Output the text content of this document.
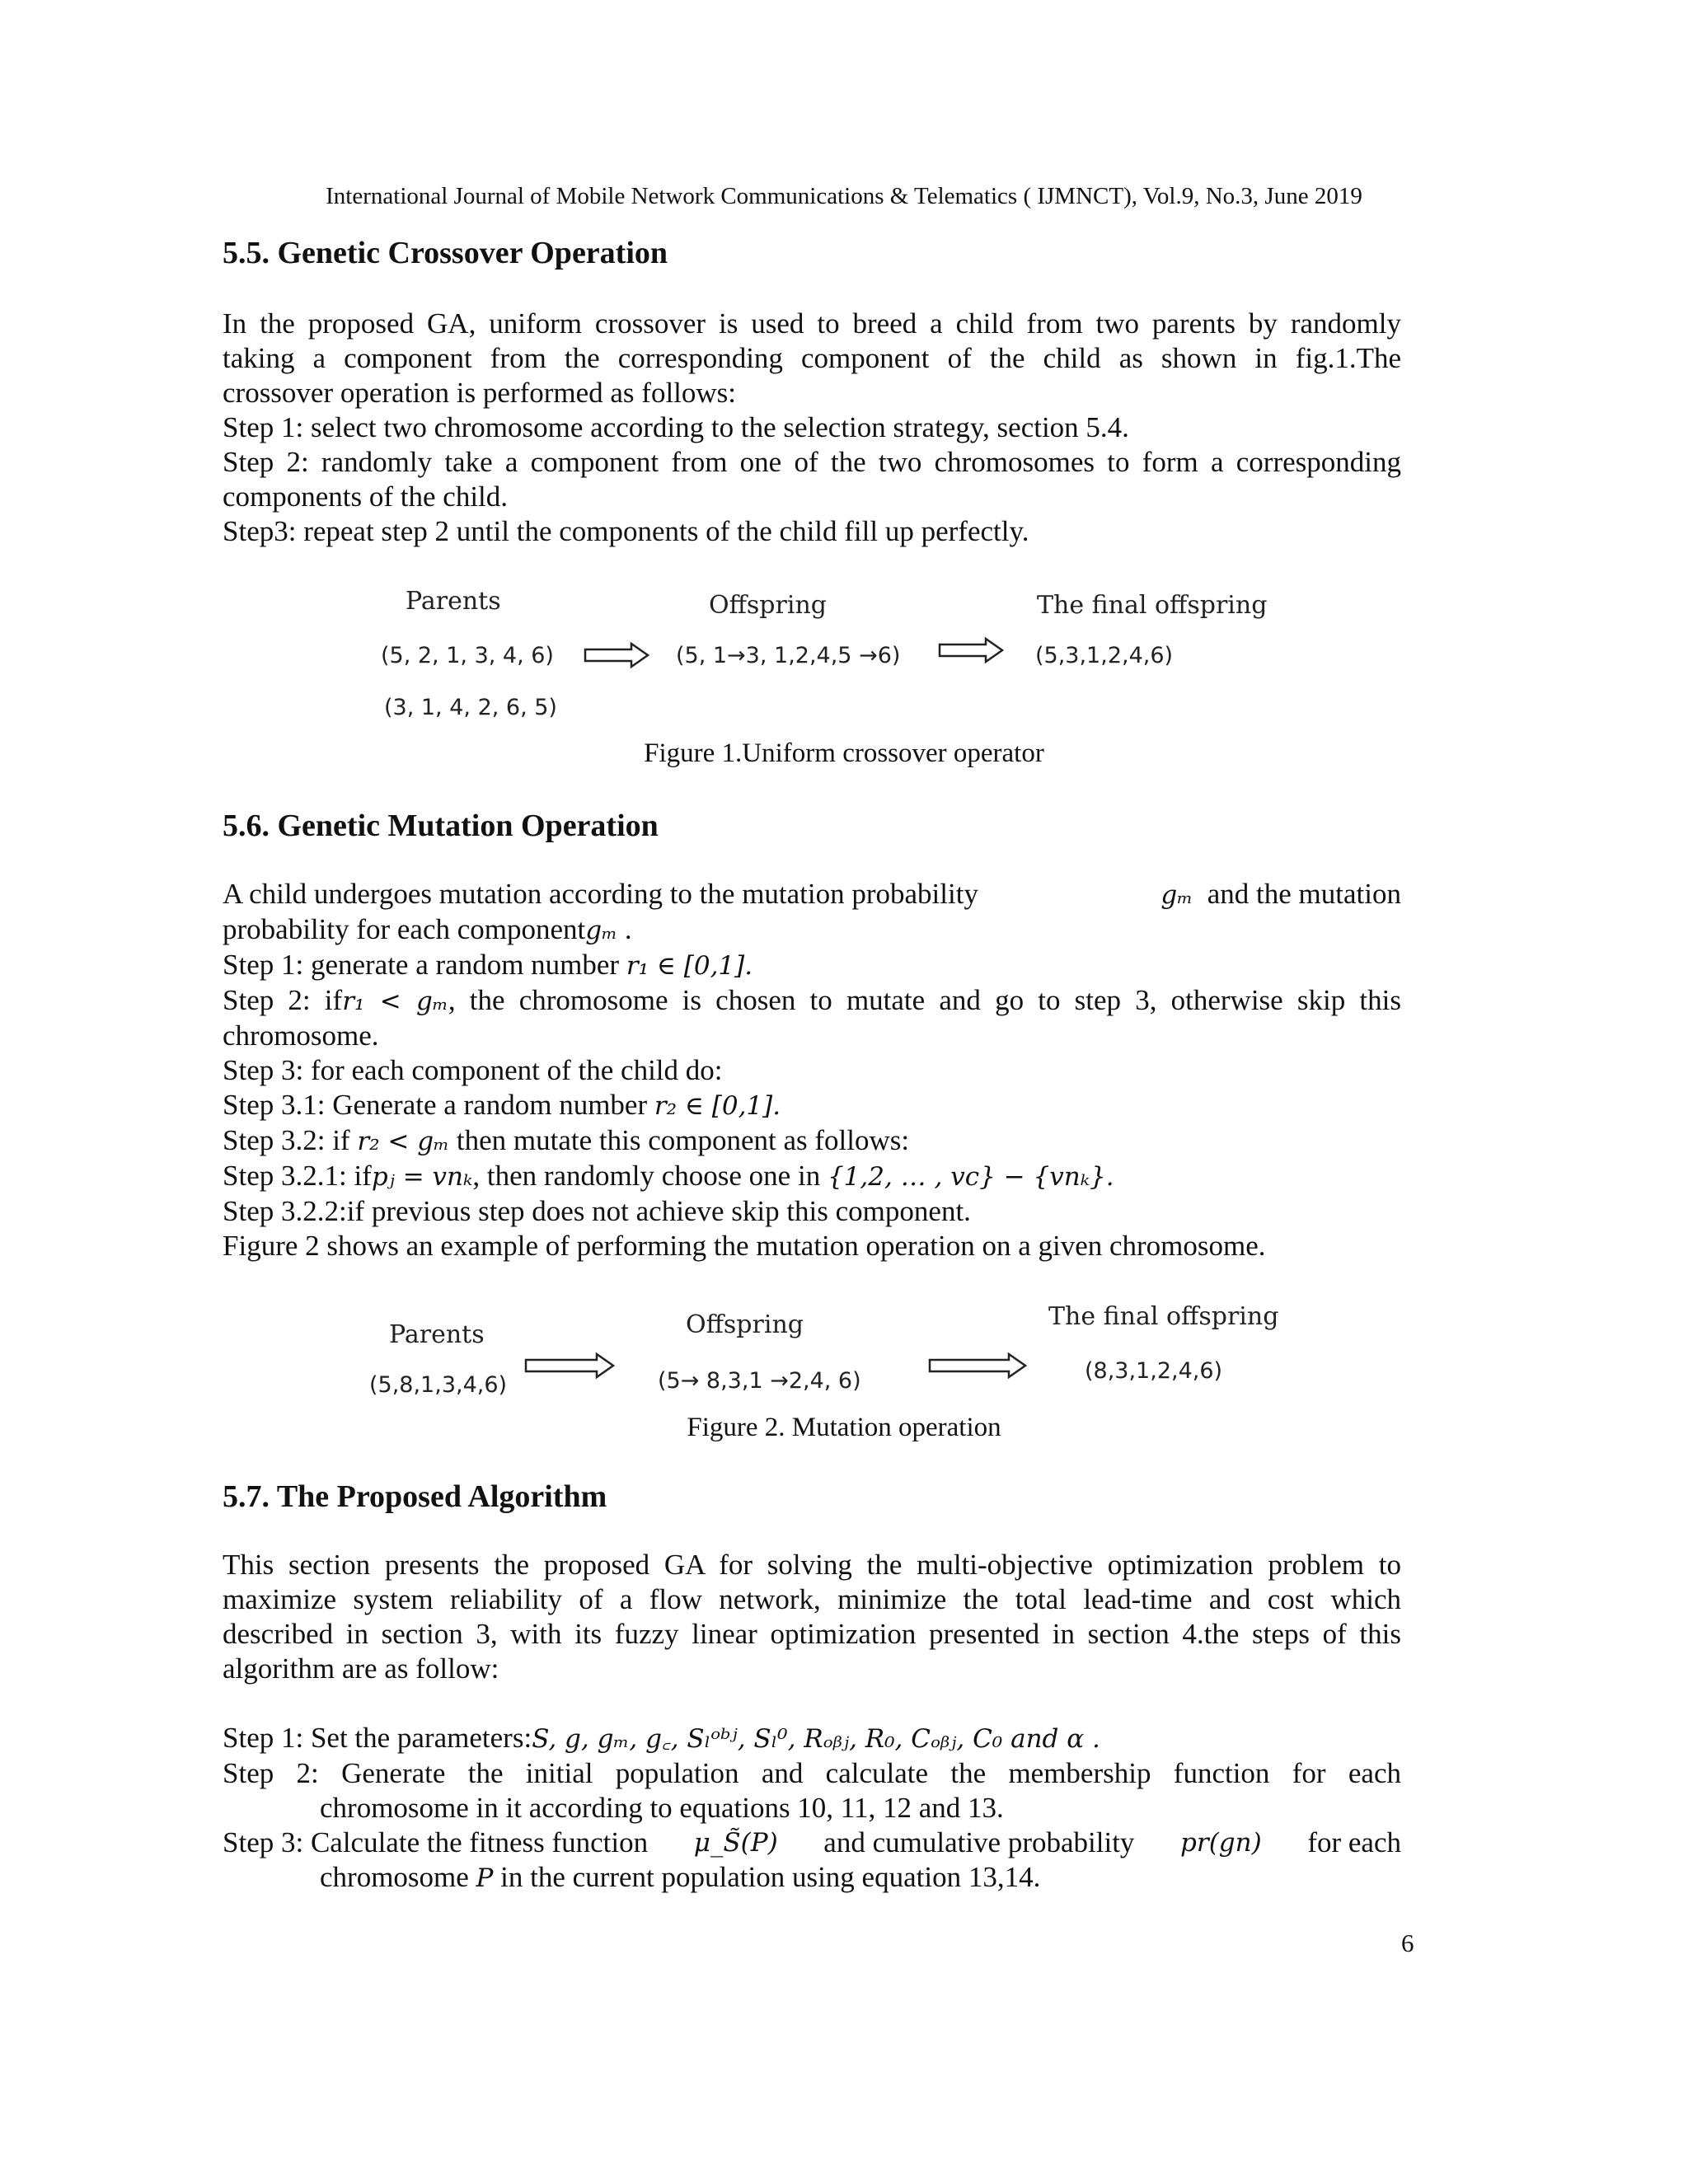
International Journal of Mobile Network Communications & Telematics ( IJMNCT), Vol.9, No.3, June 2019
5.5. Genetic Crossover Operation

In the proposed GA, uniform crossover is used to breed a child from two parents by randomly

taking a component from the corresponding component of the child as shown in fig.1.The

crossover operation is performed as follows:

Step 1: select two chromosome according to the selection strategy, section 5.4.

Step 2: randomly take a component from one of the two chromosomes to form a corresponding

components of the child.

Step3: repeat step 2 until the components of the child fill up perfectly.

Parents	Offspring	The final offspring
(5, 2, 1, 3, 4, 6)
(3, 1, 4, 2, 6, 5)
(5, 1→3, 1,2,4,5 →6)	(5,3,1,2,4,6)
Figure 1.Uniform crossover operator
5.6. Genetic Mutation Operation

A child undergoes mutation according to the mutation probability	gₘ and the mutation

probability for each componentgₘ .

Step 1: generate a random number r₁ ∈ [0,1].

Step 2: ifr₁ < gₘ, the chromosome is chosen to mutate and go to step 3, otherwise skip this

chromosome.

Step 3: for each component of the child do:

Step 3.1: Generate a random number r₂ ∈ [0,1].

Step 3.2: if r₂ < gₘ then mutate this component as follows:

Step 3.2.1: ifpⱼ = vnₖ, then randomly choose one in {1,2, … , vc} − {vnₖ}.

Step 3.2.2:if previous step does not achieve skip this component.

Figure 2 shows an example of performing the mutation operation on a given chromosome.

Parents	Offspring	The final offspring
(5,8,1,3,4,6)	(5→ 8,3,1 →2,4, 6)	(8,3,1,2,4,6)
Figure 2. Mutation operation
5.7. The Proposed Algorithm

This section presents the proposed GA for solving the multi-objective optimization problem to

maximize system reliability of a flow network, minimize the total lead-time and cost which

described in section 3, with its fuzzy linear optimization presented in section 4.the steps of this

algorithm are as follow:

Step 1: Set the parameters:S, g, gₘ, g꜀, Sₗᵒᵇʲ, Sₗ⁰, Rₒᵦⱼ, R₀, Cₒᵦⱼ, C₀ and α .

Step 2: Generate the initial population and calculate the membership function for each

chromosome in it according to equations 10, 11, 12 and 13.

Step 3: Calculate the fitness function μ_S̃(P) and cumulative probability pr(gn) for each

chromosome P in the current population using equation 13,14.

6
